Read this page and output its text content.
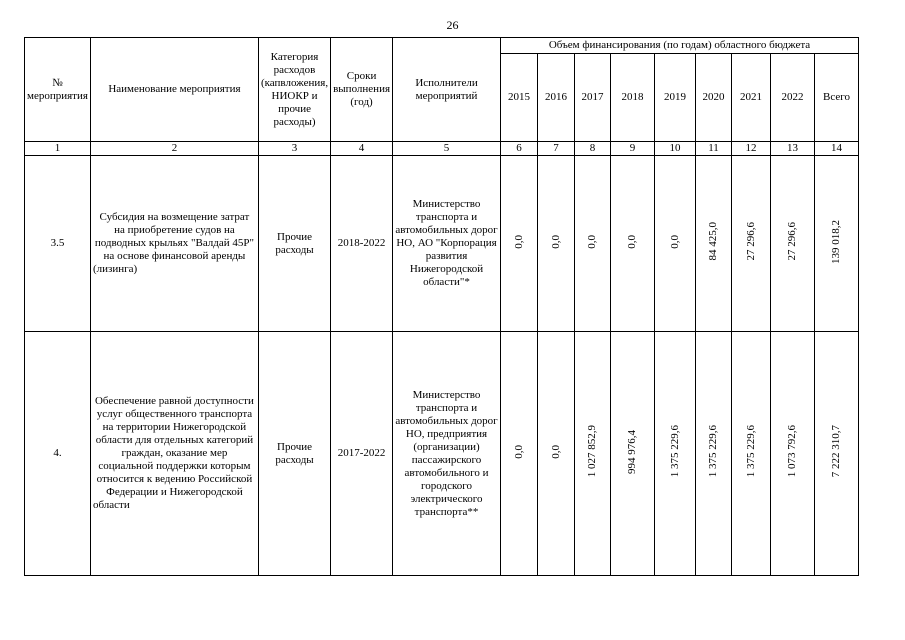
26
№ мероприятия	Наименование мероприятия	Категория расходов (капвложения, НИОКР и прочие расходы)	Сроки выполнения (год)	Исполнители мероприятий	Объем финансирования (по годам) областного бюджета								
					2015	2016	2017	2018	2019	2020	2021	2022	Всего
1	2	3	4	5	6	7	8	9	10	11	12	13	14
3.5	Субсидия на возмещение затрат на приобретение судов на подводных крыльях "Валдай 45Р" на основе финансовой аренды (лизинга)	Прочие расходы	2018-2022	Министерство транспорта и автомобильных дорог НО, АО "Корпорация развития Нижегородской области"*	0,0	0,0	0,0	0,0	0,0	84 425,0	27 296,6	27 296,6	139 018,2
4.	Обеспечение равной доступности услуг общественного транспорта на территории Нижегородской области для отдельных категорий граждан, оказание мер социальной поддержки которым относится к ведению Российской Федерации и Нижегородской области	Прочие расходы	2017-2022	Министерство транспорта и автомобильных дорог НО, предприятия (организации) пассажирского автомобильного и городского электрического транспорта**	0,0	0,0	1 027 852,9	994 976,4	1 375 229,6	1 375 229,6	1 375 229,6	1 073 792,6	7 222 310,7
